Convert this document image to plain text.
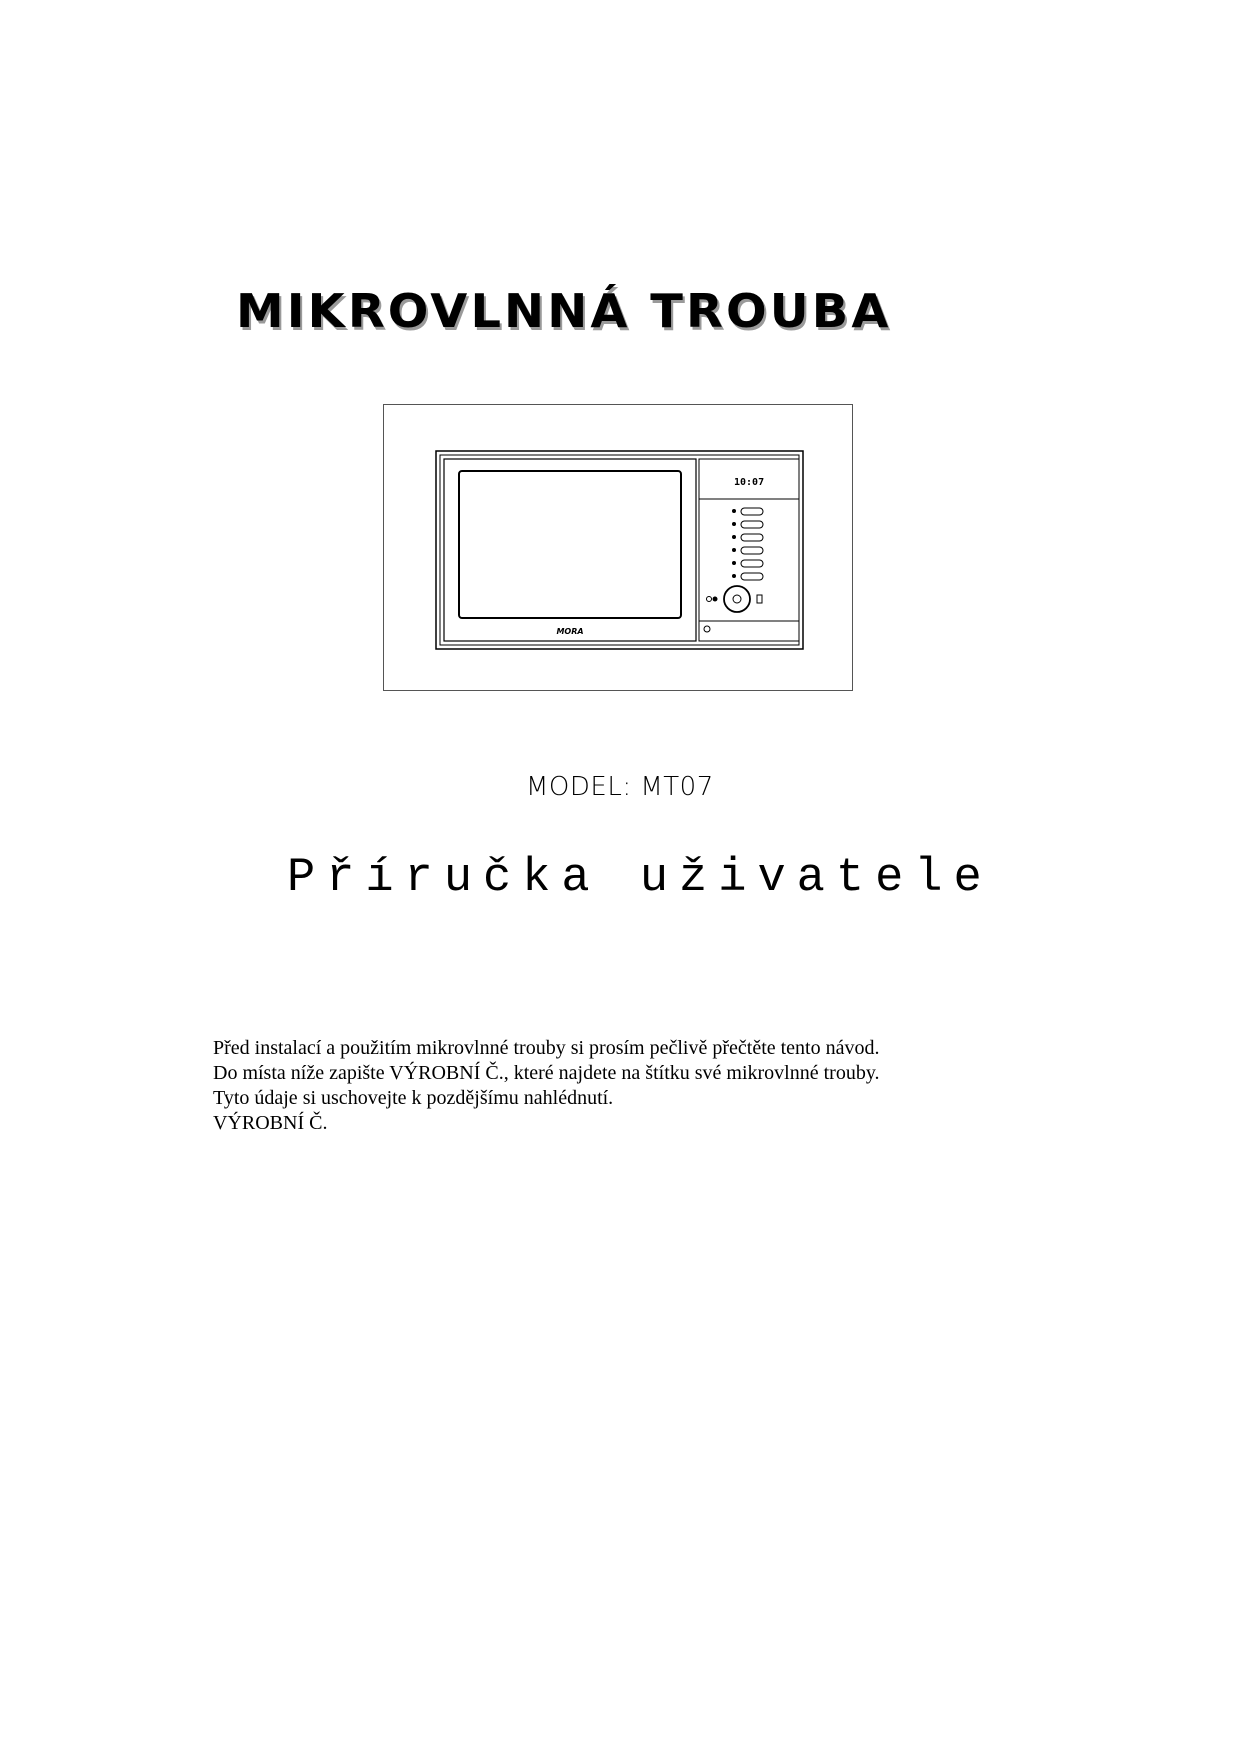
MIKROVLNNÁ TROUBA
MORA
10:07
MODEL: MT07
Příručka uživatele

Před instalací a použitím mikrovlnné trouby si prosím pečlivě přečtěte tento návod.

Do místa níže zapište VÝROBNÍ Č., které najdete na štítku své mikrovlnné trouby.

Tyto údaje si uschovejte k pozdějšímu nahlédnutí.

VÝROBNÍ Č.
